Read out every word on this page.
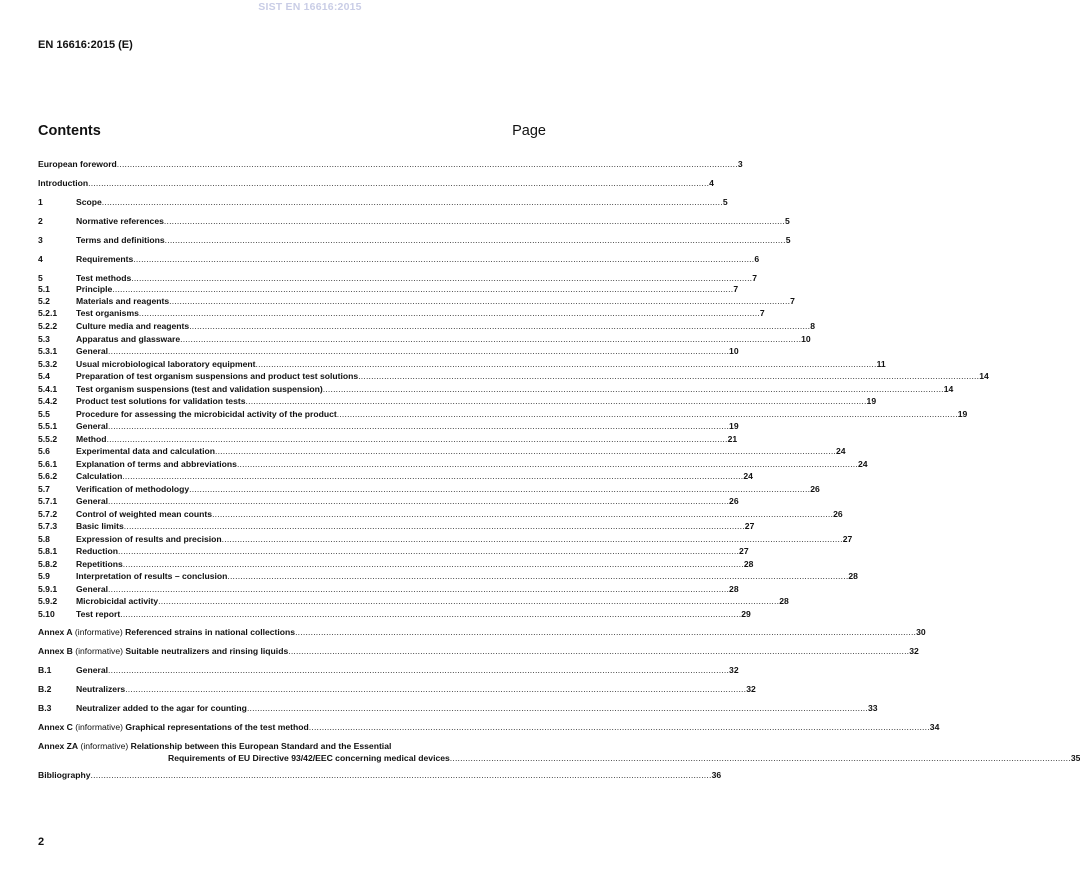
SIST EN 16616:2015
EN 16616:2015 (E)
Contents	Page
European foreword ................................................................................................................................................................................................................................................ 3
Introduction ................................................................................................................................................................................................................................................ 4
1	Scope ................................................................................................................................................................................................................................................ 5
2	Normative references ................................................................................................................................................................................................................................................ 5
3	Terms and definitions ................................................................................................................................................................................................................................................ 5
4	Requirements ................................................................................................................................................................................................................................................ 6
5	Test methods ................................................................................................................................................................................................................................................ 7
5.1	Principle ................................................................................................................................................................................................................................................ 7
5.2	Materials and reagents ................................................................................................................................................................................................................................................ 7
5.2.1 Test organisms ................................................................................................................................................................................................................................................ 7
5.2.2 Culture media and reagents ................................................................................................................................................................................................................................................ 8
5.3	Apparatus and glassware ................................................................................................................................................................................................................................................ 10
5.3.1 General ................................................................................................................................................................................................................................................ 10
5.3.2 Usual microbiological laboratory equipment ................................................................................................................................................................................................................................................ 11
5.4	Preparation of test organism suspensions and product test solutions ................................................................................................................................................................................................................................................ 14
5.4.1 Test organism suspensions (test and validation suspension) ................................................................................................................................................................................................................................................ 14
5.4.2 Product test solutions for validation tests ................................................................................................................................................................................................................................................ 19
5.5	Procedure for assessing the microbicidal activity of the product ................................................................................................................................................................................................................................................ 19
5.5.1 General ................................................................................................................................................................................................................................................ 19
5.5.2 Method ................................................................................................................................................................................................................................................ 21
5.6	Experimental data and calculation ................................................................................................................................................................................................................................................ 24
5.6.1 Explanation of terms and abbreviations ................................................................................................................................................................................................................................................ 24
5.6.2 Calculation ................................................................................................................................................................................................................................................ 24
5.7	Verification of methodology ................................................................................................................................................................................................................................................ 26
5.7.1 General ................................................................................................................................................................................................................................................ 26
5.7.2 Control of weighted mean counts ................................................................................................................................................................................................................................................ 26
5.7.3 Basic limits ................................................................................................................................................................................................................................................ 27
5.8	Expression of results and precision ................................................................................................................................................................................................................................................ 27
5.8.1 Reduction ................................................................................................................................................................................................................................................ 27
5.8.2 Repetitions ................................................................................................................................................................................................................................................ 28
5.9	Interpretation of results – conclusion ................................................................................................................................................................................................................................................ 28
5.9.1 General ................................................................................................................................................................................................................................................ 28
5.9.2 Microbicidal activity ................................................................................................................................................................................................................................................ 28
5.10 Test report ................................................................................................................................................................................................................................................ 29
Annex A (informative) Referenced strains in national collections ................................................................................................................................................................................................................................................ 30
Annex B (informative) Suitable neutralizers and rinsing liquids ................................................................................................................................................................................................................................................ 32
B.1	General ................................................................................................................................................................................................................................................ 32
B.2	Neutralizers ................................................................................................................................................................................................................................................ 32
B.3	Neutralizer added to the agar for counting ................................................................................................................................................................................................................................................ 33
Annex C (informative) Graphical representations of the test method ................................................................................................................................................................................................................................................ 34
Annex ZA (informative) Relationship between this European Standard and the Essential
Requirements of EU Directive 93/42/EEC concerning medical devices ................................................................................................................................................................................................................................................ 35
Bibliography ................................................................................................................................................................................................................................................ 36
2
